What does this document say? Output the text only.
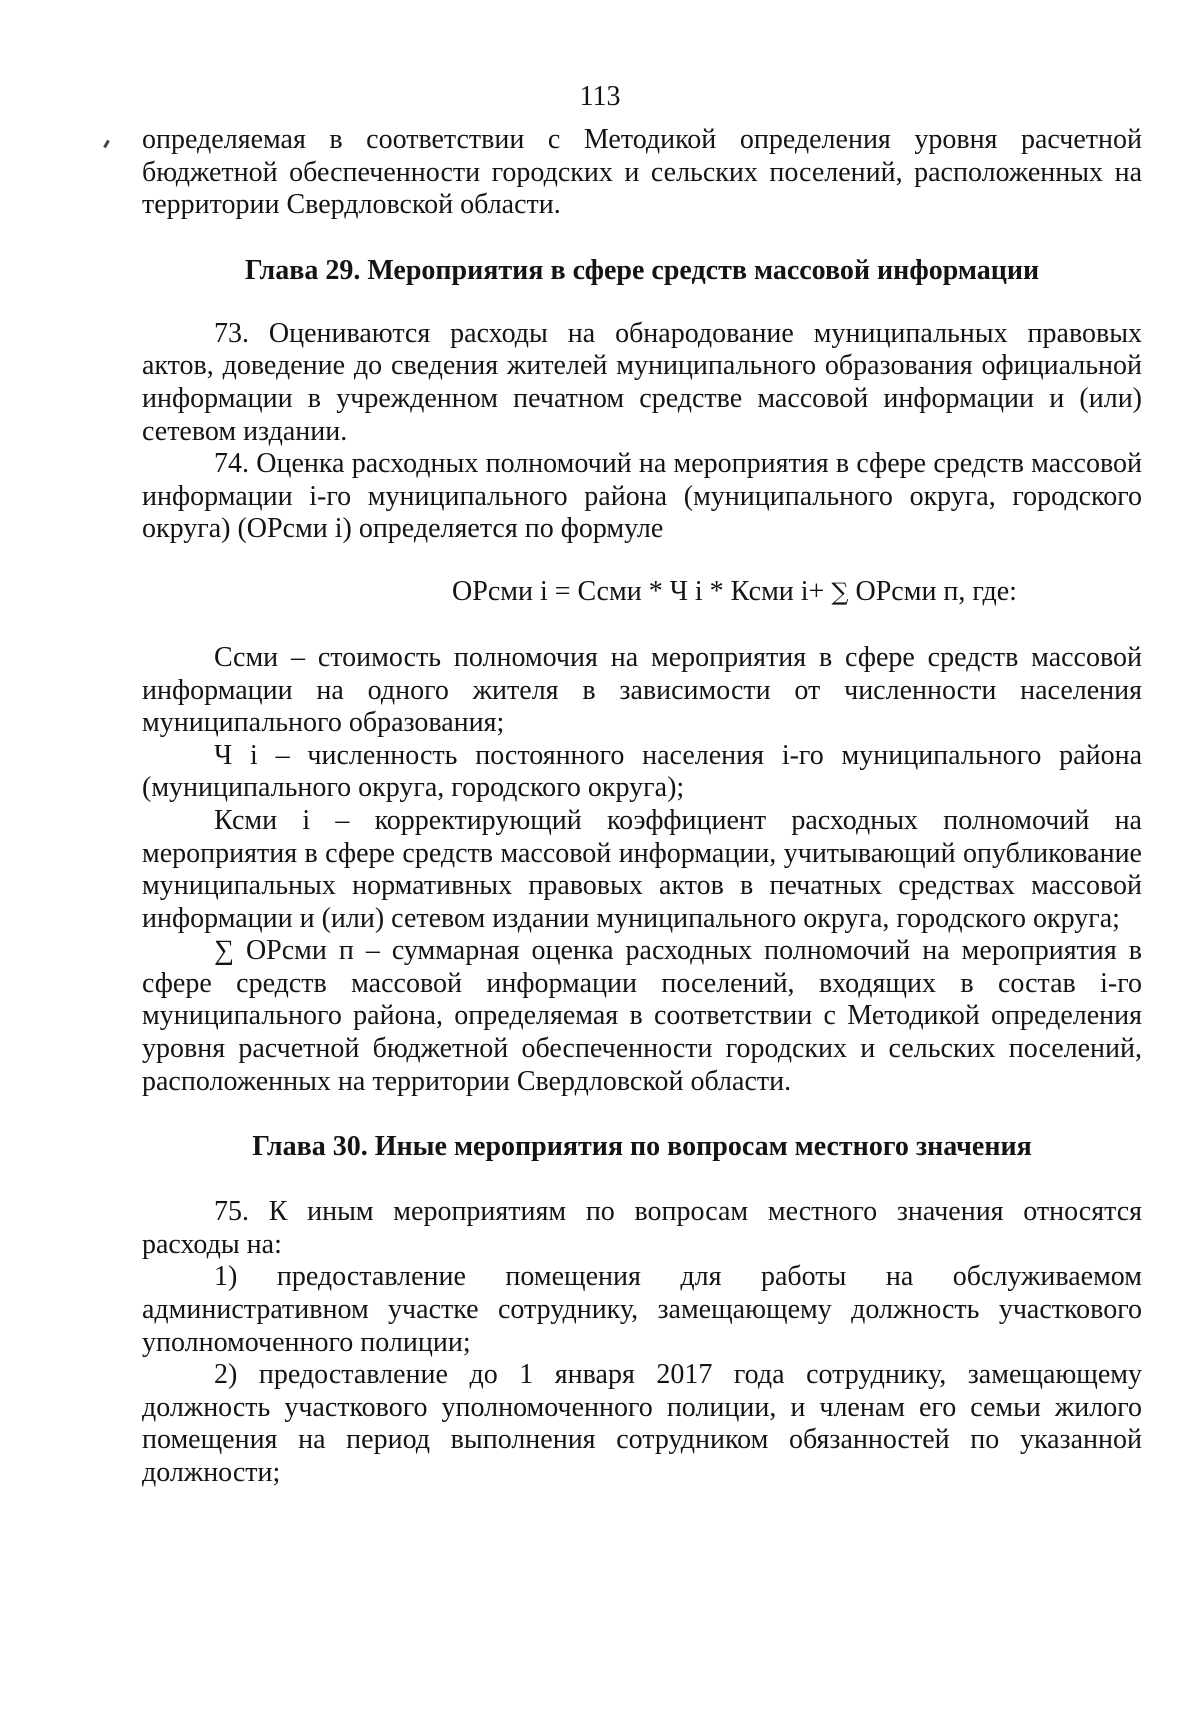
113

определяемая в соответствии с Методикой определения уровня расчетной бюджетной обеспеченности городских и сельских поселений, расположенных на территории Свердловской области.

Глава 29. Мероприятия в сфере средств массовой информации

73. Оцениваются расходы на обнародование муниципальных правовых актов, доведение до сведения жителей муниципального образования официальной информации в учрежденном печатном средстве массовой информации и (или) сетевом издании.

74. Оценка расходных полномочий на мероприятия в сфере средств массовой информации i-го муниципального района (муниципального округа, городского округа) (ОРсми i) определяется по формуле

ОРсми i = Ссми * Ч i * Ксми i+ ∑ ОРсми п, где:

Ссми – стоимость полномочия на мероприятия в сфере средств массовой информации на одного жителя в зависимости от численности населения муниципального образования;

Ч i – численность постоянного населения i-го муниципального района (муниципального округа, городского округа);

Ксми i – корректирующий коэффициент расходных полномочий на мероприятия в сфере средств массовой информации, учитывающий опубликование муниципальных нормативных правовых актов в печатных средствах массовой информации и (или) сетевом издании муниципального округа, городского округа;

∑ ОРсми п – суммарная оценка расходных полномочий на мероприятия в сфере средств массовой информации поселений, входящих в состав i-го муниципального района, определяемая в соответствии с Методикой определения уровня расчетной бюджетной обеспеченности городских и сельских поселений, расположенных на территории Свердловской области.

Глава 30. Иные мероприятия по вопросам местного значения

75. К иным мероприятиям по вопросам местного значения относятся расходы на:

1) предоставление помещения для работы на обслуживаемом административном участке сотруднику, замещающему должность участкового уполномоченного полиции;

2) предоставление до 1 января 2017 года сотруднику, замещающему должность участкового уполномоченного полиции, и членам его семьи жилого помещения на период выполнения сотрудником обязанностей по указанной должности;
